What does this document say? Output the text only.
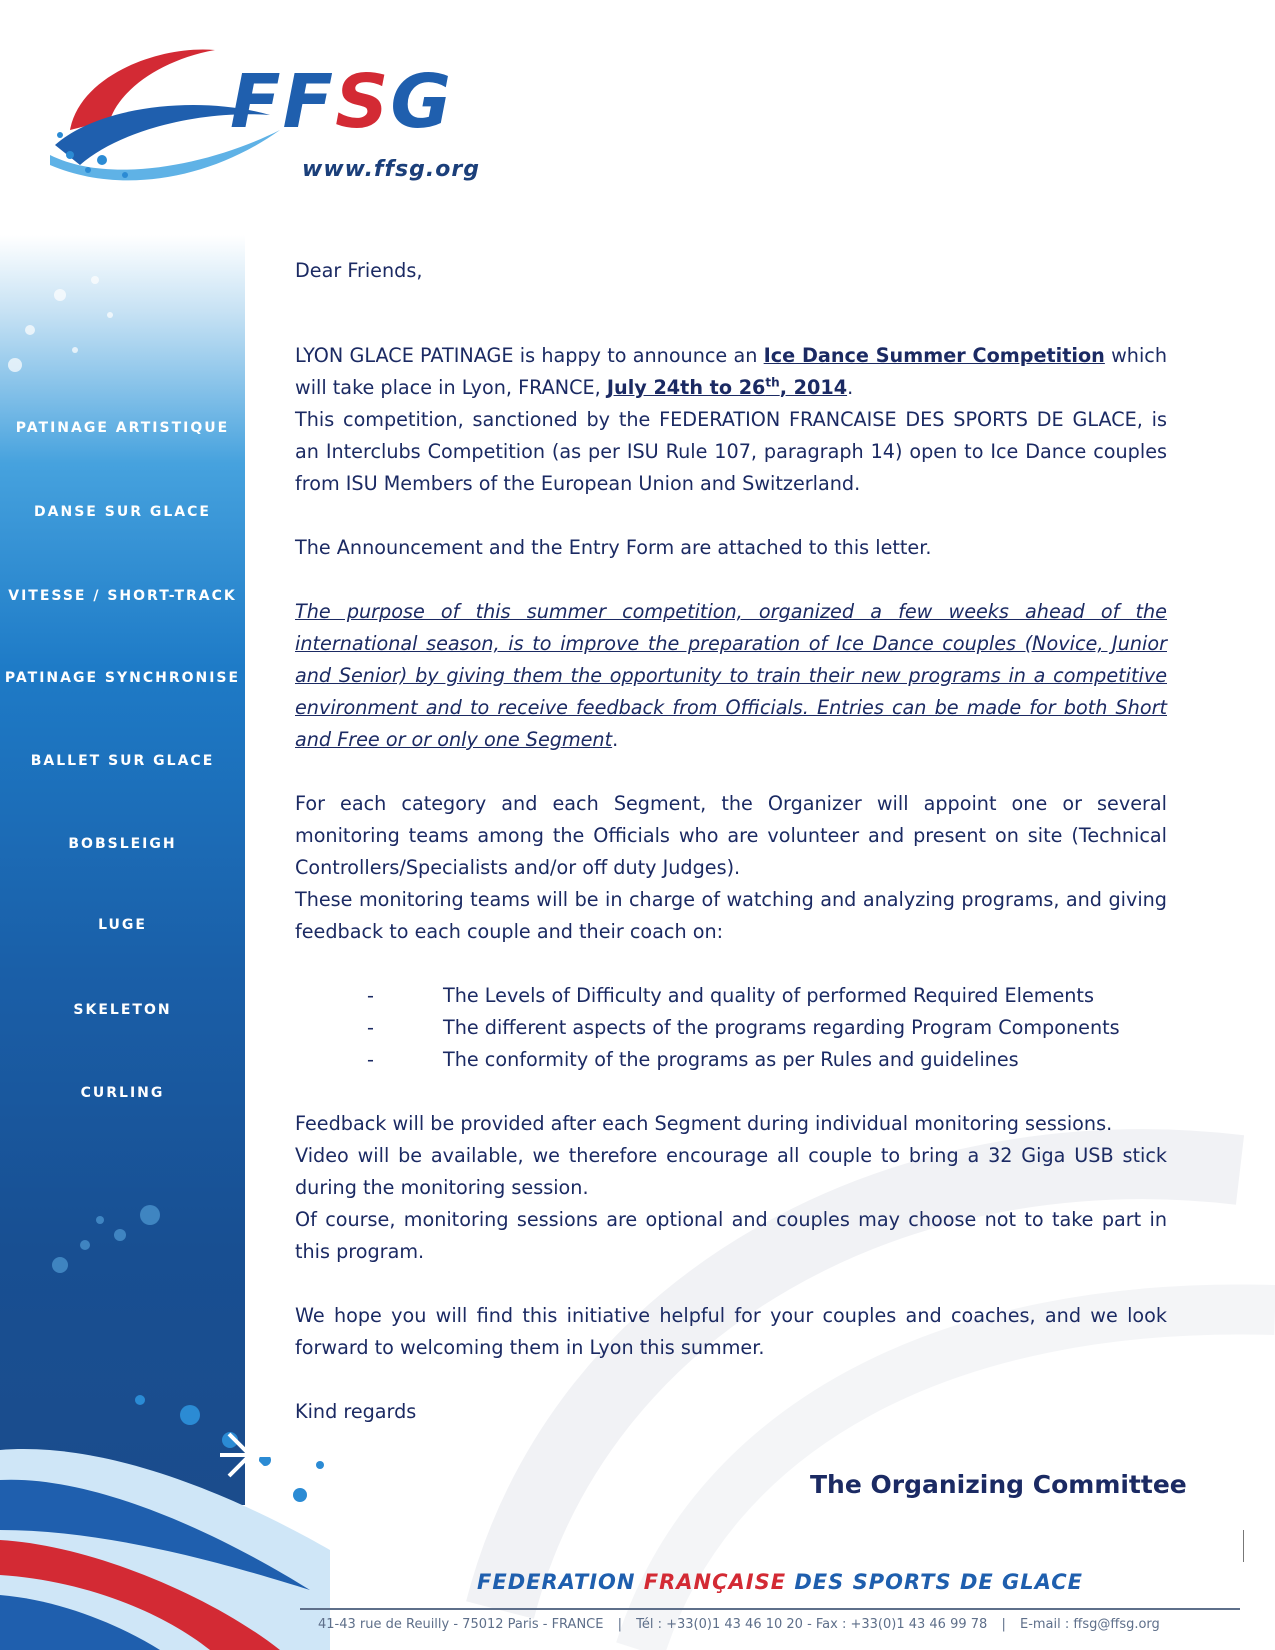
FFSG
www.ffsg.org
PATINAGE ARTISTIQUE
DANSE SUR GLACE
VITESSE / SHORT-TRACK
PATINAGE SYNCHRONISE
BALLET SUR GLACE
BOBSLEIGH
LUGE
SKELETON
CURLING

Dear Friends,

LYON GLACE PATINAGE is happy to announce an Ice Dance Summer Competition which will take place in Lyon, FRANCE, July 24th to 26th, 2014.

This competition, sanctioned by the FEDERATION FRANCAISE DES SPORTS DE GLACE, is an Interclubs Competition (as per ISU Rule 107, paragraph 14) open to Ice Dance couples from ISU Members of the European Union and Switzerland.

The Announcement and the Entry Form are attached to this letter.

The purpose of this summer competition, organized a few weeks ahead of the international season, is to improve the preparation of Ice Dance couples (Novice, Junior and Senior) by giving them the opportunity to train their new programs in a competitive environment and to receive feedback from Officials. Entries can be made for both Short and Free or or only one Segment.

For each category and each Segment, the Organizer will appoint one or several monitoring teams among the Officials who are volunteer and present on site (Technical Controllers/Specialists and/or off duty Judges).

These monitoring teams will be in charge of watching and analyzing programs, and giving feedback to each couple and their coach on:

-	The Levels of Difficulty and quality of performed Required Elements
-	The different aspects of the programs regarding Program Components
-	The conformity of the programs as per Rules and guidelines

Feedback will be provided after each Segment during individual monitoring sessions.

Video will be available, we therefore encourage all couple to bring a 32 Giga USB stick during the monitoring session.

Of course, monitoring sessions are optional and couples may choose not to take part in this program.

We hope you will find this initiative helpful for your couples and coaches, and we look forward to welcoming them in Lyon this summer.

Kind regards

The Organizing Committee
FEDERATION FRANÇAISE DES SPORTS DE GLACE
41-43 rue de Reuilly - 75012 Paris - FRANCE | Tél : +33(0)1 43 46 10 20 - Fax : +33(0)1 43 46 99 78 | E-mail : ffsg@ffsg.org
